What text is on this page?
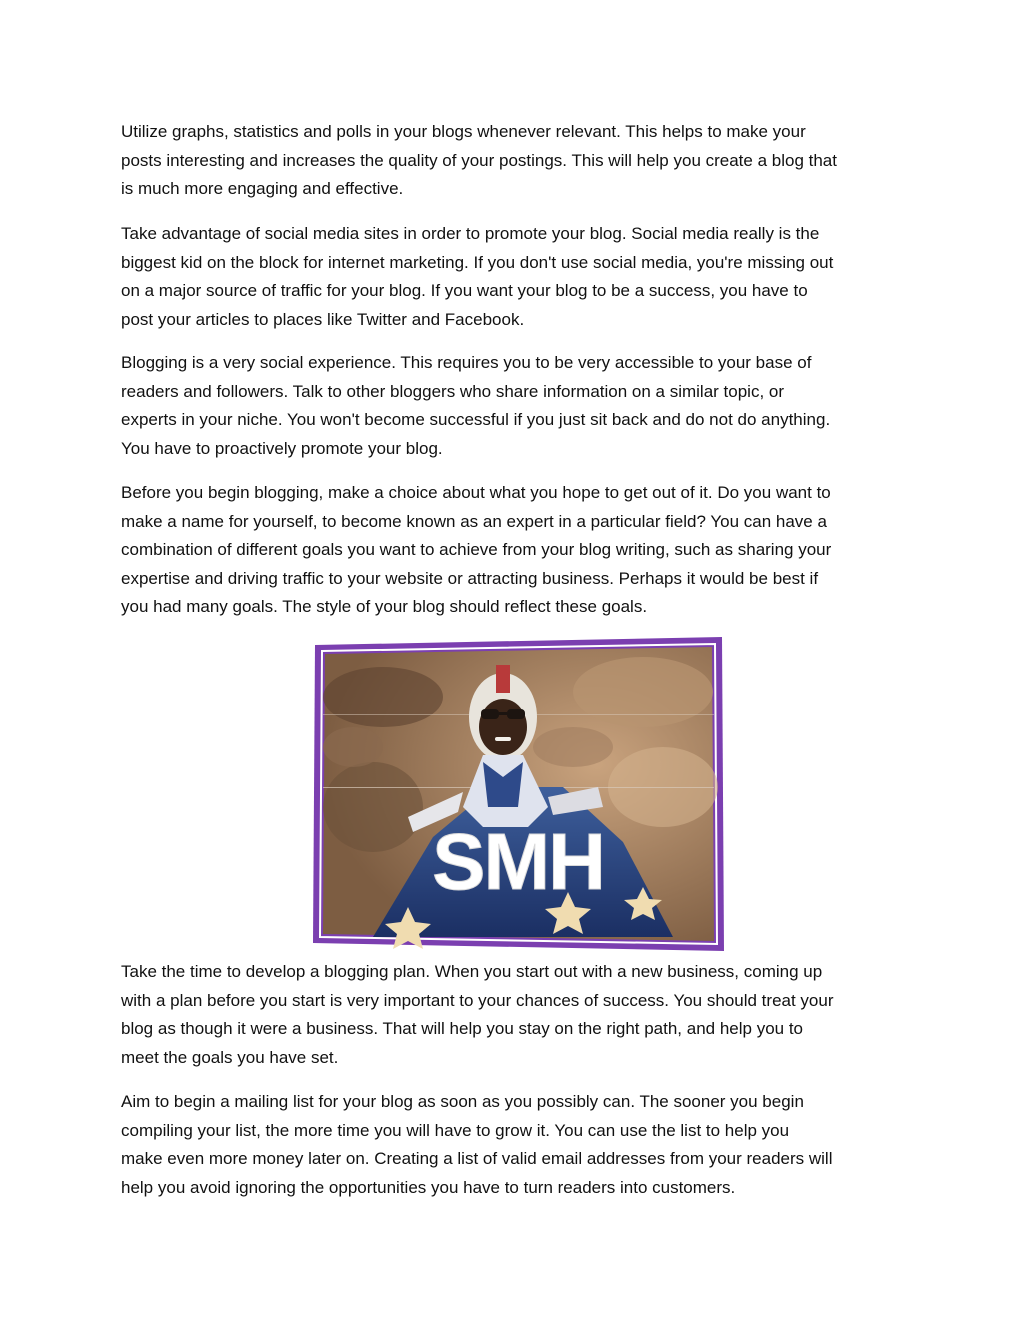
Utilize graphs, statistics and polls in your blogs whenever relevant. This helps to make your
posts interesting and increases the quality of your postings. This will help you create a blog that
is much more engaging and effective.

Take advantage of social media sites in order to promote your blog. Social media really is the
biggest kid on the block for internet marketing. If you don't use social media, you're missing out
on a major source of traffic for your blog. If you want your blog to be a success, you have to
post your articles to places like Twitter and Facebook.

Blogging is a very social experience. This requires you to be very accessible to your base of
readers and followers. Talk to other bloggers who share information on a similar topic, or
experts in your niche. You won't become successful if you just sit back and do not do anything.
You have to proactively promote your blog.

Before you begin blogging, make a choice about what you hope to get out of it. Do you want to
make a name for yourself, to become known as an expert in a particular field? You can have a
combination of different goals you want to achieve from your blog writing, such as sharing your
expertise and driving traffic to your website or attracting business. Perhaps it would be best if
you had many goals. The style of your blog should reflect these goals.

SMH

Take the time to develop a blogging plan. When you start out with a new business, coming up
with a plan before you start is very important to your chances of success. You should treat your
blog as though it were a business. That will help you stay on the right path, and help you to
meet the goals you have set.

Aim to begin a mailing list for your blog as soon as you possibly can. The sooner you begin
compiling your list, the more time you will have to grow it. You can use the list to help you
make even more money later on. Creating a list of valid email addresses from your readers will
help you avoid ignoring the opportunities you have to turn readers into customers.
